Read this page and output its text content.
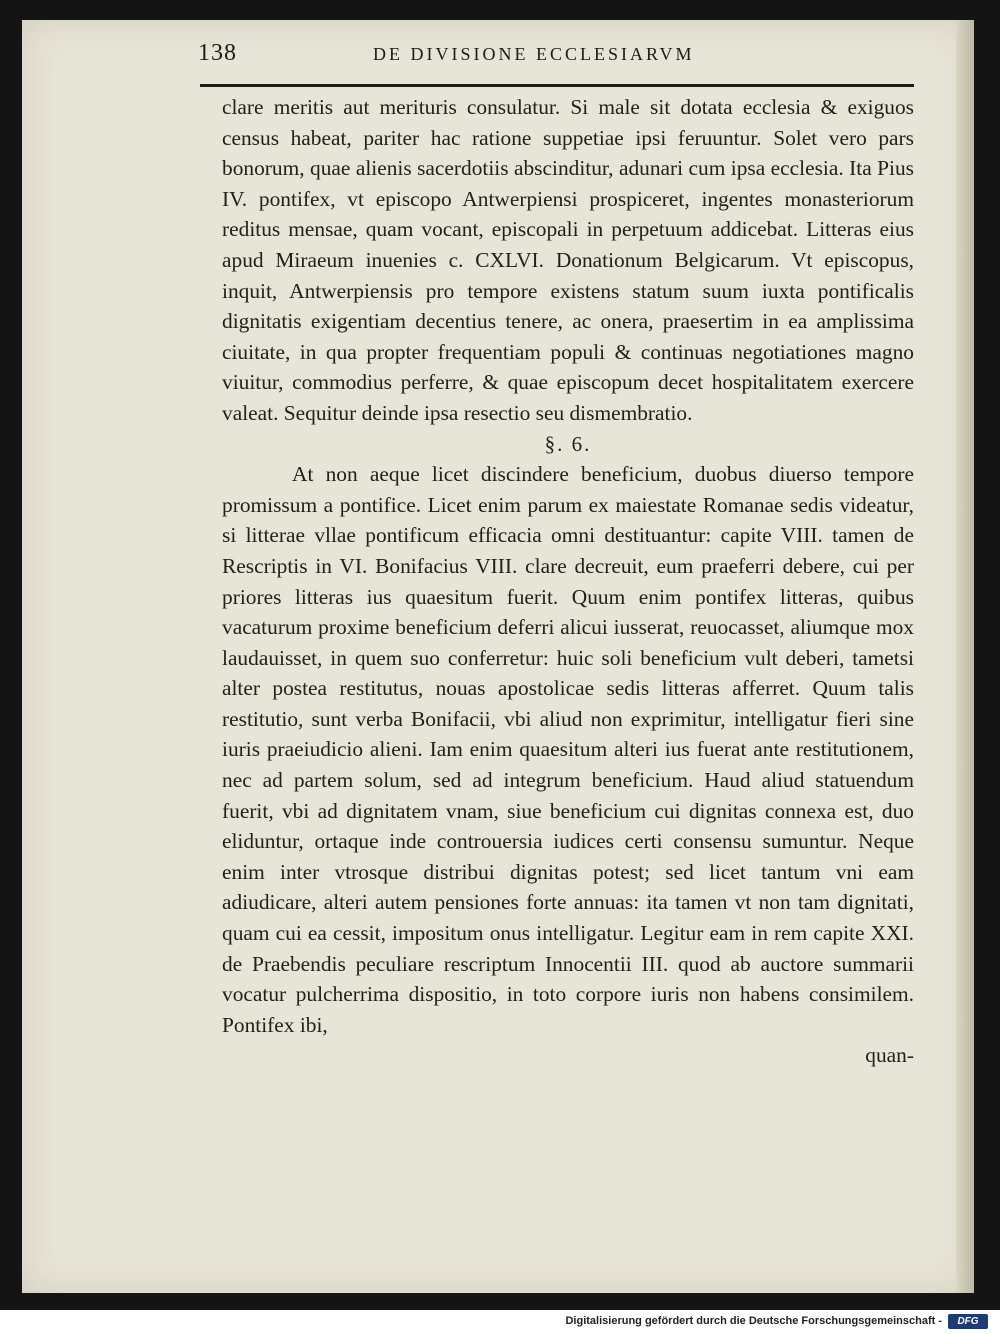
138	DE DIVISIONE ECCLESIARVM

clare meritis aut merituris consulatur. Si male sit dotata ecclesia & exiguos census habeat, pariter hac ratione suppetiae ipsi feruuntur. Solet vero pars bonorum, quae alienis sacerdotiis abscinditur, adunari cum ipsa ecclesia. Ita Pius IV. pontifex, vt episcopo Antwerpiensi prospiceret, ingentes monasteriorum reditus mensae, quam vocant, episcopali in perpetuum addicebat. Litteras eius apud Miraeum inuenies c. CXLVI. Donationum Belgicarum. Vt episcopus, inquit, Antwerpiensis pro tempore existens statum suum iuxta pontificalis dignitatis exigentiam decentius tenere, ac onera, praesertim in ea amplissima ciuitate, in qua propter frequentiam populi & continuas negotiationes magno viuitur, commodius perferre, & quae episcopum decet hospitalitatem exercere valeat. Sequitur deinde ipsa resectio seu dismembratio.

§. 6.

At non aeque licet discindere beneficium, duobus diuerso tempore promissum a pontifice. Licet enim parum ex maiestate Romanae sedis videatur, si litterae vllae pontificum efficacia omni destituantur: capite VIII. tamen de Rescriptis in VI. Bonifacius VIII. clare decreuit, eum praeferri debere, cui per priores litteras ius quaesitum fuerit. Quum enim pontifex litteras, quibus vacaturum proxime beneficium deferri alicui iusserat, reuocasset, aliumque mox laudauisset, in quem suo conferretur: huic soli beneficium vult deberi, tametsi alter postea restitutus, nouas apostolicae sedis litteras afferret. Quum talis restitutio, sunt verba Bonifacii, vbi aliud non exprimitur, intelligatur fieri sine iuris praeiudicio alieni. Iam enim quaesitum alteri ius fuerat ante restitutionem, nec ad partem solum, sed ad integrum beneficium. Haud aliud statuendum fuerit, vbi ad dignitatem vnam, siue beneficium cui dignitas connexa est, duo eliduntur, ortaque inde controuersia iudices certi consensu sumuntur. Neque enim inter vtrosque distribui dignitas potest; sed licet tantum vni eam adiudicare, alteri autem pensiones forte annuas: ita tamen vt non tam dignitati, quam cui ea cessit, impositum onus intelligatur. Legitur eam in rem capite XXI. de Praebendis peculiare rescriptum Innocentii III. quod ab auctore summarii vocatur pulcherrima dispositio, in toto corpore iuris non habens consimilem. Pontifex ibi,

quan-

Digitalisierung gefördert durch die Deutsche Forschungsgemeinschaft -	DFG
